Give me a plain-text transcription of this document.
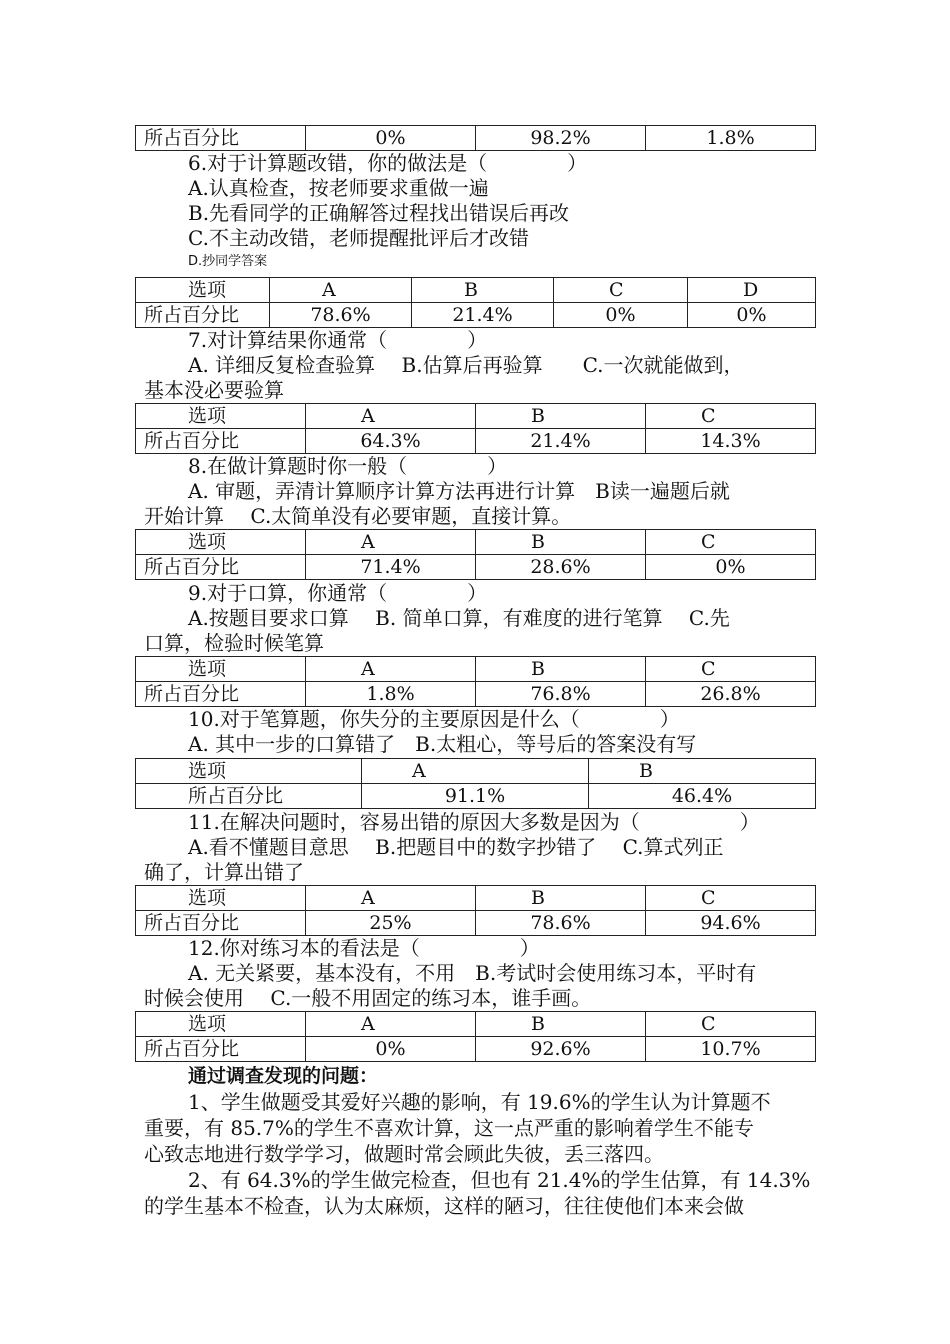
所占百分比	0%	98.2%	1.8%
6.对于计算题改错，你的做法是（　　　　）
A.认真检查，按老师要求重做一遍
B.先看同学的正确解答过程找出错误后再改
C.不主动改错，老师提醒批评后才改错
D.抄同学答案
选项	A	B	C	D
所占百分比	78.6%	21.4%	0%	0%
7.对计算结果你通常（　　　　）
A. 详细反复检查验算　 B.估算后再验算　　C.一次就能做到，
基本没必要验算
选项	A	B	C
所占百分比	64.3%	21.4%	14.3%
8.在做计算题时你一般（　　　　）
A. 审题，弄清计算顺序计算方法再进行计算　B读一遍题后就
开始计算　 C.太简单没有必要审题，直接计算。
选项	A	B	C
所占百分比	71.4%	28.6%	0%
9.对于口算，你通常（　　　　）
A.按题目要求口算　 B. 简单口算，有难度的进行笔算　 C.先
口算，检验时候笔算
选项	A	B	C
所占百分比	1.8%	76.8%	26.8%
10.对于笔算题，你失分的主要原因是什么（　　　　）
A. 其中一步的口算错了　B.太粗心，等号后的答案没有写
选项	A	B
所占百分比	91.1%	46.4%
11.在解决问题时，容易出错的原因大多数是因为（　　　　　）
A.看不懂题目意思　 B.把题目中的数字抄错了　 C.算式列正
确了，计算出错了
选项	A	B	C
所占百分比	25%	78.6%	94.6%
12.你对练习本的看法是（　　　　　）
A. 无关紧要，基本没有，不用　B.考试时会使用练习本，平时有
时候会使用　 C.一般不用固定的练习本，谁手画。
选项	A	B	C
所占百分比	0%	92.6%	10.7%
通过调查发现的问题：
1、学生做题受其爱好兴趣的影响，有 19.6%的学生认为计算题不
重要，有 85.7%的学生不喜欢计算，这一点严重的影响着学生不能专
心致志地进行数学学习，做题时常会顾此失彼，丢三落四。
2、有 64.3%的学生做完检查，但也有 21.4%的学生估算，有 14.3%
的学生基本不检查，认为太麻烦，这样的陋习，往往使他们本来会做
